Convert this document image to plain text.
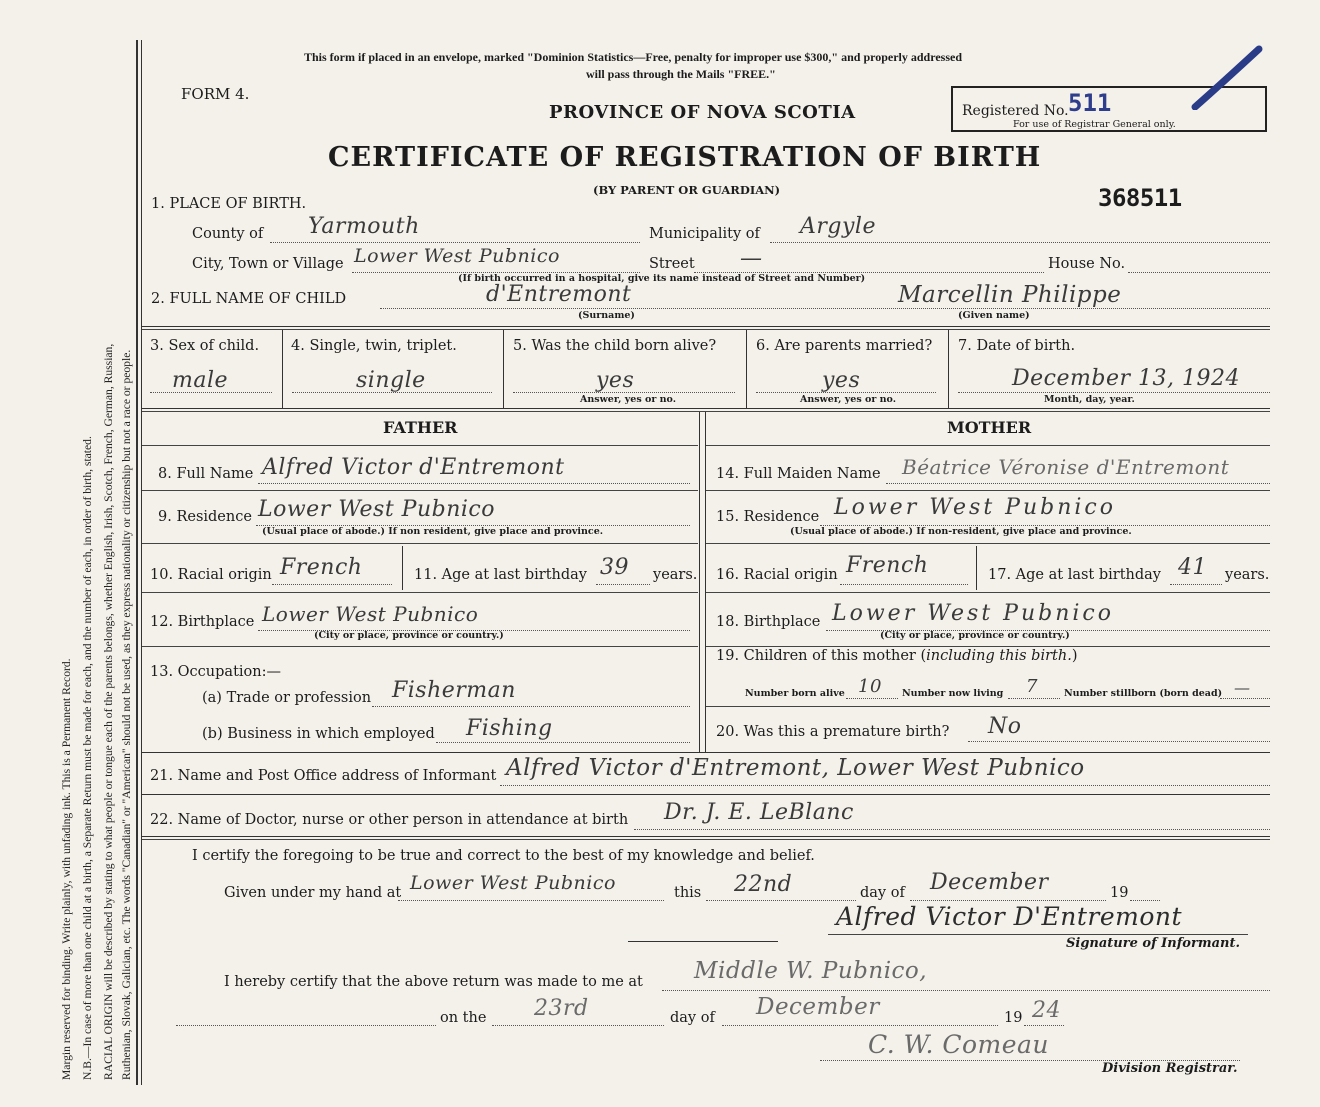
Margin reserved for binding. Write plainly, with unfading ink. This is a Permanent Record. N.B.—In case of more than one child at a birth, a Separate Return must be made for each, and the number of each, in order of birth, stated. RACIAL ORIGIN will be described by stating to what people or tongue each of the parents belongs, whether English, Irish, Scotch, French, German, Russian, Ruthenian, Slovak, Galician, etc. The words "Canadian" or "American" should not be used, as they express nationality or citizenship but not a race or people.
This form if placed in an envelope, marked "Dominion Statistics—Free, penalty for improper use $300," and properly addressed
will pass through the Mails "FREE."
FORM 4.
PROVINCE OF NOVA SCOTIA	Registered No. 511
For use of Registrar General only.
CERTIFICATE OF REGISTRATION OF BIRTH
(BY PARENT OR GUARDIAN)	368511
1. PLACE OF BIRTH.
County of Yarmouth	Municipality of Argyle
City, Town or Village Lower West Pubnico	Street —	House No.
(If birth occurred in a hospital, give its name instead of Street and Number)
2. FULL NAME OF CHILD	d'Entremont
(Surname)
Marcellin Philippe
(Given name)
3. Sex of child.
male
4. Single, twin, triplet.
single
5. Was the child born alive?
yes
Answer, yes or no.
6. Are parents married?
yes
Answer, yes or no.
7. Date of birth.
December 13, 1924
Month, day, year.
FATHER	MOTHER
8. Full Name Alfred Victor d'Entremont
9. Residence Lower West Pubnico
(Usual place of abode.) If non resident, give place and province.
10. Racial origin French	11. Age at last birthday 39 years.
12. Birthplace Lower West Pubnico
(City or place, province or country.)
13. Occupation:—
(a) Trade or profession Fisherman
(b) Business in which employed Fishing
14. Full Maiden Name Béatrice Véronise d'Entremont
15. Residence Lower West Pubnico
(Usual place of abode.) If non-resident, give place and province.
16. Racial origin French	17. Age at last birthday 41 years.
18. Birthplace Lower West Pubnico
(City or place, province or country.)
19. Children of this mother (including this birth.)
Number born alive 10 Number now living 7	Number stillborn (born dead) —
20. Was this a premature birth? No
21. Name and Post Office address of Informant Alfred Victor d'Entremont, Lower West Pubnico
22. Name of Doctor, nurse or other person in attendance at birth Dr. J. E. LeBlanc
I certify the foregoing to be true and correct to the best of my knowledge and belief.
Given under my hand at Lower West Pubnico	this 22nd	day of December	19
Alfred Victor D'Entremont
Signature of Informant.
I hereby certify that the above return was made to me at Middle W. Pubnico,
on the 23rd	day of December	19 24
C. W. Comeau
Division Registrar.
